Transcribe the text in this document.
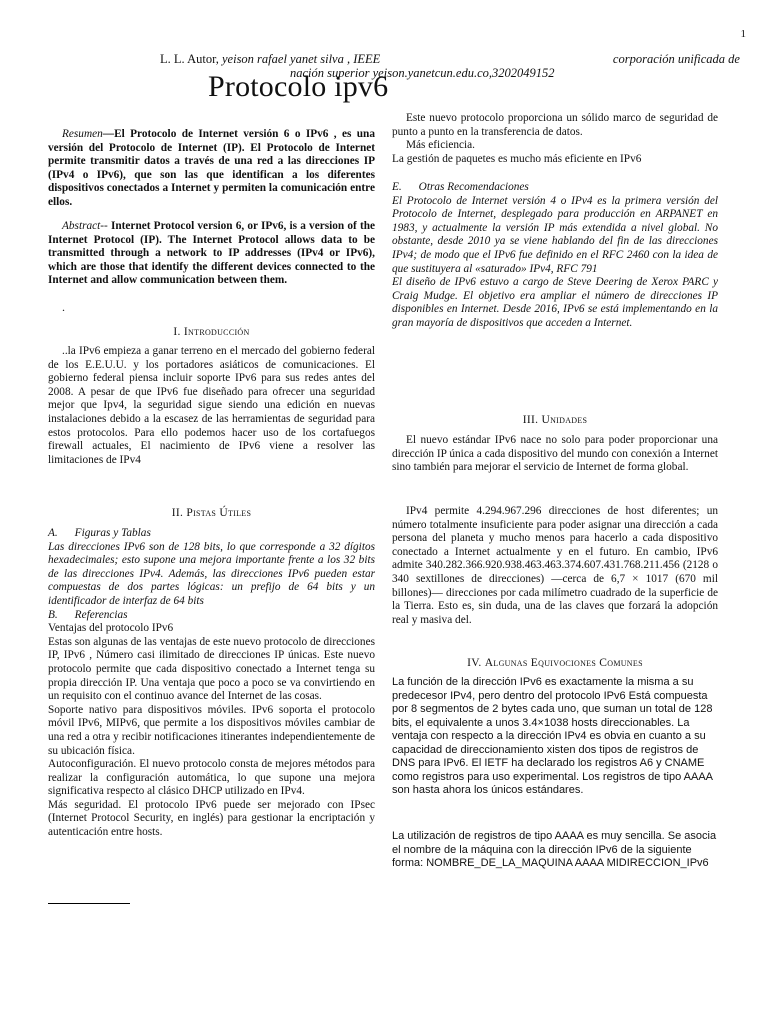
1
L. L. Autor, yeison rafael yanet silva , IEEE	corporación unificada de
nación superior yeison.yanetcun.edu.co,3202049152
Protocolo ipv6

Resumen—El Protocolo de Internet versión 6 o IPv6 , es una versión del Protocolo de Internet (IP). El Protocolo de Internet permite transmitir datos a través de una red a las direcciones IP (IPv4 o IPv6), que son las que identifican a los diferentes dispositivos conectados a Internet y permiten la comunicación entre ellos.

Abstract-- Internet Protocol version 6, or IPv6, is a version of the Internet Protocol (IP). The Internet Protocol allows data to be transmitted through a network to IP addresses (IPv4 or IPv6), which are those that identify the different devices connected to the Internet and allow communication between them.

.
I. Introducción

..la IPv6 empieza a ganar terreno en el mercado del gobierno federal de los E.E.U.U. y los portadores asiáticos de comunicaciones. El gobierno federal piensa incluir soporte IPv6 para sus redes antes del 2008. A pesar de que IPv6 fue diseñado para ofrecer una seguridad mejor que Ipv4, la seguridad sigue siendo una edición en nuevas instalaciones debido a la escasez de las herramientas de seguridad para estos protocolos. Para ello podemos hacer uso de los cortafuegos firewall actuales, El nacimiento de IPv6 viene a resolver las limitaciones de IPv4

II. Pistas Útiles

A.      Figuras y Tablas

Las direcciones IPv6 son de 128 bits, lo que corresponde a 32 dígitos hexadecimales; esto supone una mejora importante frente a los 32 bits de las direcciones IPv4. Además, las direcciones IPv6 pueden estar compuestas de dos partes lógicas: un prefijo de 64 bits y un identificador de interfaz de 64 bits

B.      Referencias

Ventajas del protocolo IPv6

Estas son algunas de las ventajas de este nuevo protocolo de direcciones IP, IPv6 , Número casi ilimitado de direcciones IP únicas. Este nuevo protocolo permite que cada dispositivo conectado a Internet tenga su propia dirección IP. Una ventaja que poco a poco se va convirtiendo en un requisito con el continuo avance del Internet de las cosas.

Soporte nativo para dispositivos móviles. IPv6 soporta el protocolo móvil IPv6, MIPv6, que permite a los dispositivos móviles cambiar de una red a otra y recibir notificaciones itinerantes independientemente de su ubicación física.

Autoconfiguración. El nuevo protocolo consta de mejores métodos para realizar la configuración automática, lo que supone una mejora significativa respecto al clásico DHCP utilizado en IPv4.

Más seguridad. El protocolo IPv6 puede ser mejorado con IPsec (Internet Protocol Security, en inglés) para gestionar la encriptación y autenticación entre hosts.

Este nuevo protocolo proporciona un sólido marco de seguridad de punto a punto en la transferencia de datos.

Más eficiencia.

La gestión de paquetes es mucho más eficiente en IPv6

E.      Otras Recomendaciones

El Protocolo de Internet versión 4 o IPv4 es la primera versión del Protocolo de Internet, desplegado para producción en ARPANET en 1983, y actualmente la versión IP más extendida a nivel global. No obstante, desde 2010 ya se viene hablando del fin de las direcciones IPv4; de modo que el IPv6 fue definido en el RFC 2460 con la idea de que sustituyera al «saturado» IPv4, RFC 791

El diseño de IPv6 estuvo a cargo de Steve Deering de Xerox PARC y Craig Mudge. El objetivo era ampliar el número de direcciones IP disponibles en Internet. Desde 2016, IPv6 se está implementando en la gran mayoría de dispositivos que acceden a Internet.

III. Unidades

El nuevo estándar IPv6 nace no solo para poder proporcionar una dirección IP única a cada dispositivo del mundo con conexión a Internet sino también para mejorar el servicio de Internet de forma global.

IPv4 permite 4.294.967.296 direcciones de host diferentes; un número totalmente insuficiente para poder asignar una dirección a cada persona del planeta y mucho menos para hacerlo a cada dispositivo conectado a Internet actualmente y en el futuro. En cambio, IPv6 admite 340.282.366.920.938.463.463.374.607.431.768.211.456 (2128 o 340 sextillones de direcciones) —cerca de 6,7 × 1017 (670 mil billones)— direcciones por cada milímetro cuadrado de la superficie de la Tierra. Esto es, sin duda, una de las claves que forzará la adopción real y masiva del.

IV. Algunas Equivociones Comunes

La función de la dirección IPv6 es exactamente la misma a su predecesor IPv4, pero dentro del protocolo IPv6 Está compuesta por 8 segmentos de 2 bytes cada uno, que suman un total de 128 bits, el equivalente a unos 3.4×1038 hosts direccionables. La ventaja con respecto a la dirección IPv4 es obvia en cuanto a su capacidad de direccionamiento xisten dos tipos de registros de DNS para IPv6. El IETF ha declarado los registros A6 y CNAME como registros para uso experimental. Los registros de tipo AAAA son hasta ahora los únicos estándares.

La utilización de registros de tipo AAAA es muy sencilla. Se asocia el nombre de la máquina con la dirección IPv6 de la siguiente forma: NOMBRE_DE_LA_MAQUINA AAAA MIDIRECCION_IPv6
